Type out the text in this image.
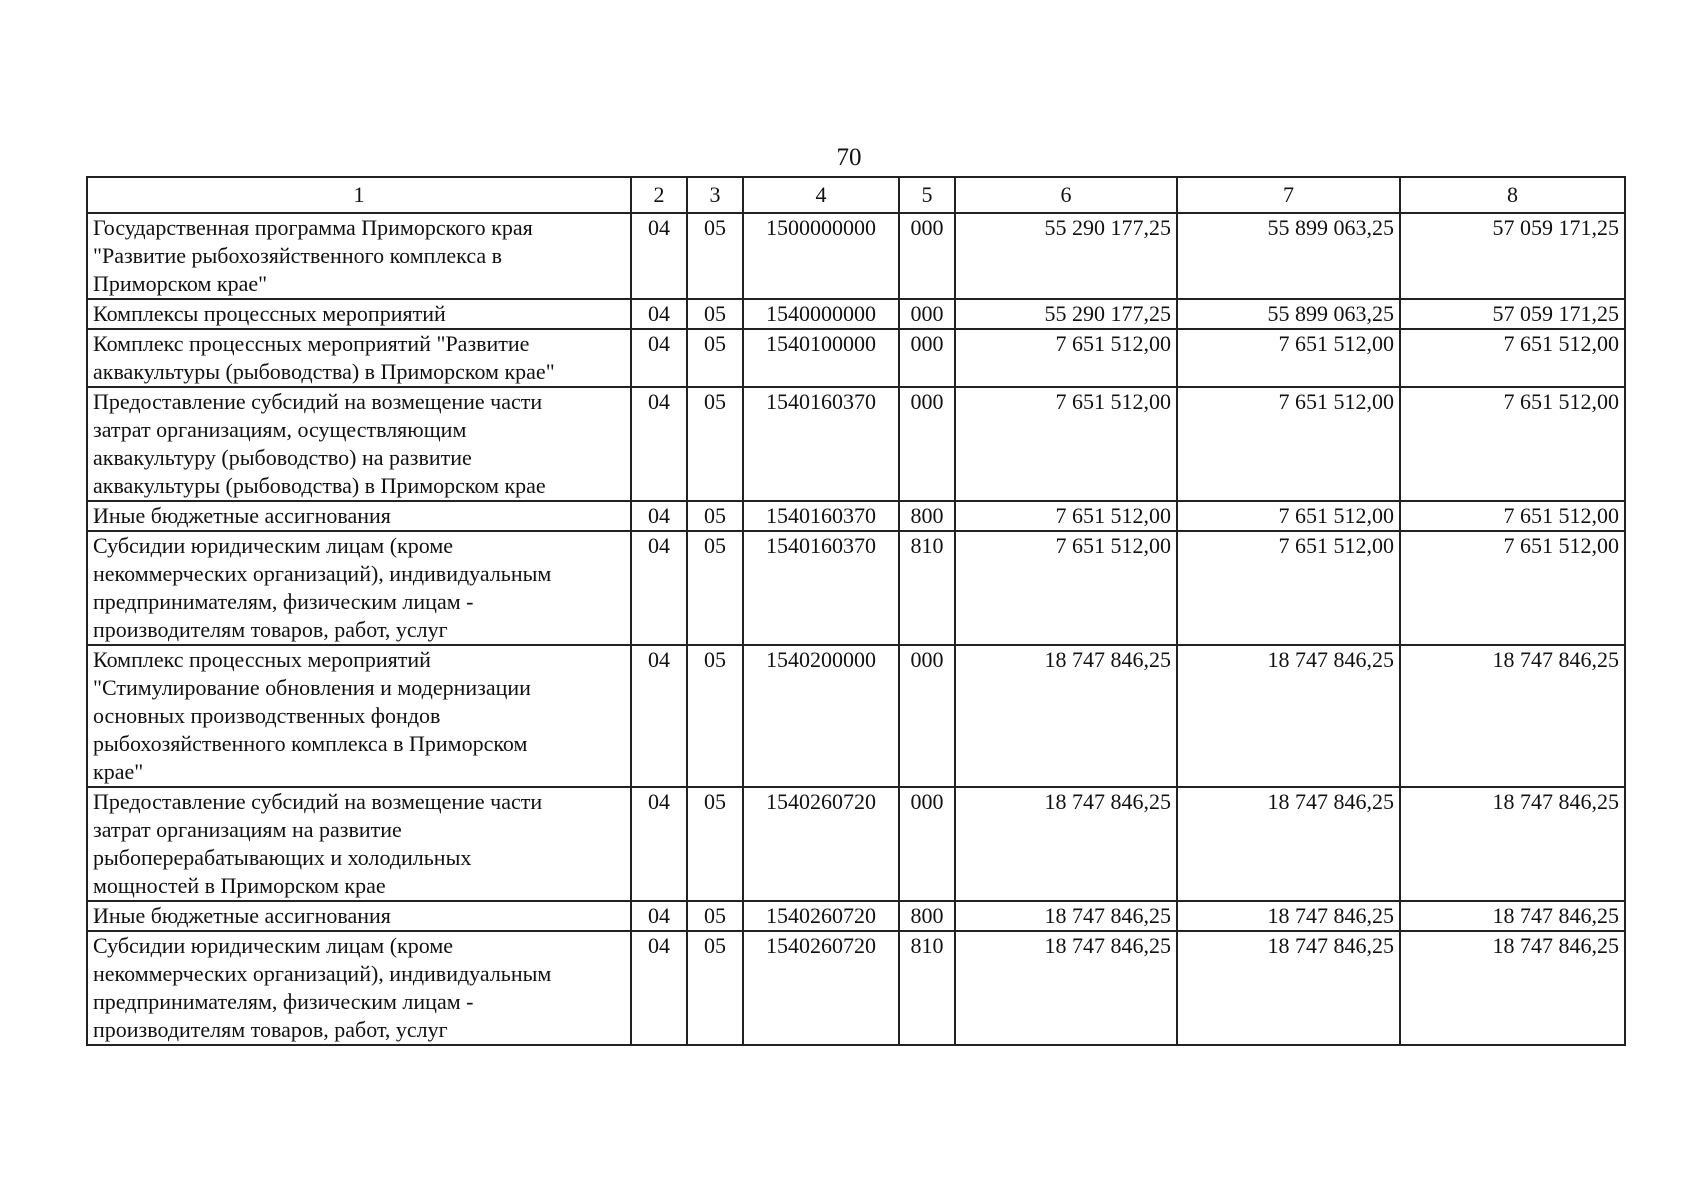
70
1	2	3	4	5	6	7	8

Государственная программа Приморского края
"Развитие рыбохозяйственного комплекса в
Приморском крае"	04	05	1500000000	000	55 290 177,25	55 899 063,25	57 059 171,25

Комплексы процессных мероприятий	04	05	1540000000	000	55 290 177,25	55 899 063,25	57 059 171,25

Комплекс процессных мероприятий "Развитие
аквакультуры (рыбоводства) в Приморском крае"	04	05	1540100000	000	7 651 512,00	7 651 512,00	7 651 512,00

Предоставление субсидий на возмещение части
затрат организациям, осуществляющим
аквакультуру (рыбоводство) на развитие
аквакультуры (рыбоводства) в Приморском крае	04	05	1540160370	000	7 651 512,00	7 651 512,00	7 651 512,00

Иные бюджетные ассигнования	04	05	1540160370	800	7 651 512,00	7 651 512,00	7 651 512,00

Субсидии юридическим лицам (кроме
некоммерческих организаций), индивидуальным
предпринимателям, физическим лицам -
производителям товаров, работ, услуг	04	05	1540160370	810	7 651 512,00	7 651 512,00	7 651 512,00

Комплекс процессных мероприятий
"Стимулирование обновления и модернизации
основных производственных фондов
рыбохозяйственного комплекса в Приморском
крае"	04	05	1540200000	000	18 747 846,25	18 747 846,25	18 747 846,25

Предоставление субсидий на возмещение части
затрат организациям на развитие
рыбоперерабатывающих и холодильных
мощностей в Приморском крае	04	05	1540260720	000	18 747 846,25	18 747 846,25	18 747 846,25

Иные бюджетные ассигнования	04	05	1540260720	800	18 747 846,25	18 747 846,25	18 747 846,25

Субсидии юридическим лицам (кроме
некоммерческих организаций), индивидуальным
предпринимателям, физическим лицам -
производителям товаров, работ, услуг	04	05	1540260720	810	18 747 846,25	18 747 846,25	18 747 846,25
